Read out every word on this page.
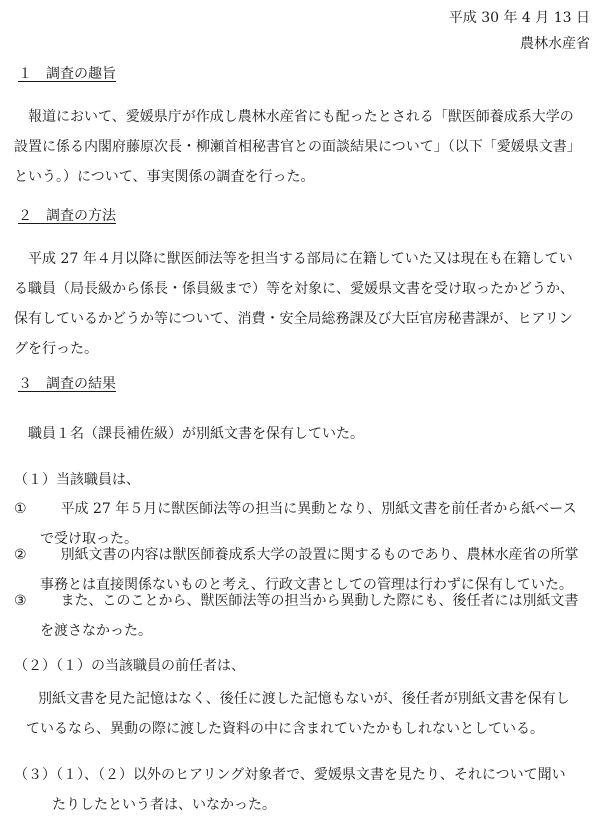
平成 30 年 4 月 13 日
農林水産省
１　調査の趣旨
報道において、愛媛県庁が作成し農林水産省にも配ったとされる「獣医師養成系大学の
設置に係る内閣府藤原次長・柳瀬首相秘書官との面談結果について」（以下「愛媛県文書」
という。）について、事実関係の調査を行った。
２　調査の方法
平成 27 年４月以降に獣医師法等を担当する部局に在籍していた又は現在も在籍してい
る職員（局長級から係長・係員級まで）等を対象に、愛媛県文書を受け取ったかどうか、
保有しているかどうか等について、消費・安全局総務課及び大臣官房秘書課が、ヒアリン
グを行った。
３　調査の結果
職員１名（課長補佐級）が別紙文書を保有していた。
（１）当該職員は、
① 平成 27 年５月に獣医師法等の担当に異動となり、別紙文書を前任者から紙ベース
で受け取った。
② 別紙文書の内容は獣医師養成系大学の設置に関するものであり、農林水産省の所掌
事務とは直接関係ないものと考え、行政文書としての管理は行わずに保有していた。
③ また、このことから、獣医師法等の担当から異動した際にも、後任者には別紙文書
を渡さなかった。
（２）（１）の当該職員の前任者は、
別紙文書を見た記憶はなく、後任に渡した記憶もないが、後任者が別紙文書を保有し
ているなら、異動の際に渡した資料の中に含まれていたかもしれないとしている。
（３）（１）、（２）以外のヒアリング対象者で、愛媛県文書を見たり、それについて聞い
たりしたという者は、いなかった。
